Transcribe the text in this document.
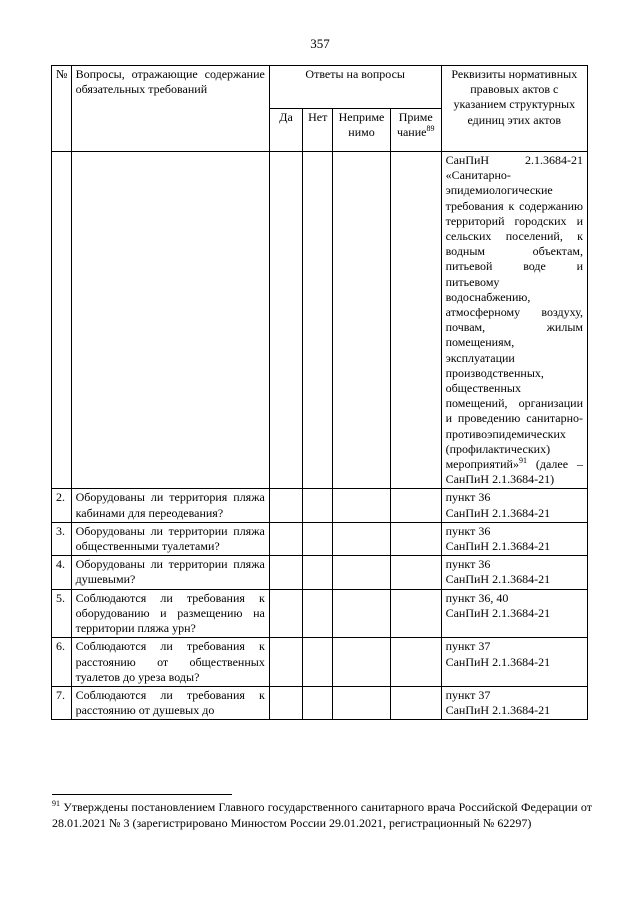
357
№	Вопросы, отражающие содержание обязательных требований	Ответы на вопросы				Реквизиты нормативных правовых актов с указанием структурных единиц этих актов
		Да	Нет	Неприме нимо	Приме чание$^{89}$
						СанПиН 2.1.3684-21 «Санитарно-эпидемиологические требования к содержанию территорий городских и сельских поселений, к водным объектам, питьевой воде и питьевому водоснабжению, атмосферному воздуху, почвам, жилым помещениям, эксплуатации производственных, общественных помещений, организации и проведению санитарно-противоэпидемических (профилактических) мероприятий»$^{91}$ (далее – СанПиН 2.1.3684-21)
2.	Оборудованы ли территория пляжа кабинами для переодевания?					пункт 36
СанПиН 2.1.3684-21

3.	Оборудованы ли территории пляжа общественными туалетами?					пункт 36
СанПиН 2.1.3684-21

4.	Оборудованы ли территории пляжа душевыми?					пункт 36
СанПиН 2.1.3684-21

5.	Соблюдаются ли требования к оборудованию и размещению на территории пляжа урн?					пункт 36, 40
СанПиН 2.1.3684-21

6.	Соблюдаются ли требования к расстоянию от общественных туалетов до уреза воды?					пункт 37
СанПиН 2.1.3684-21

7.	Соблюдаются ли требования к расстоянию от душевых до					пункт 37
СанПиН 2.1.3684-21
$^{91}$ Утверждены постановлением Главного государственного санитарного врача Российской Федерации от 28.01.2021 № 3 (зарегистрировано Минюстом России 29.01.2021, регистрационный № 62297)
